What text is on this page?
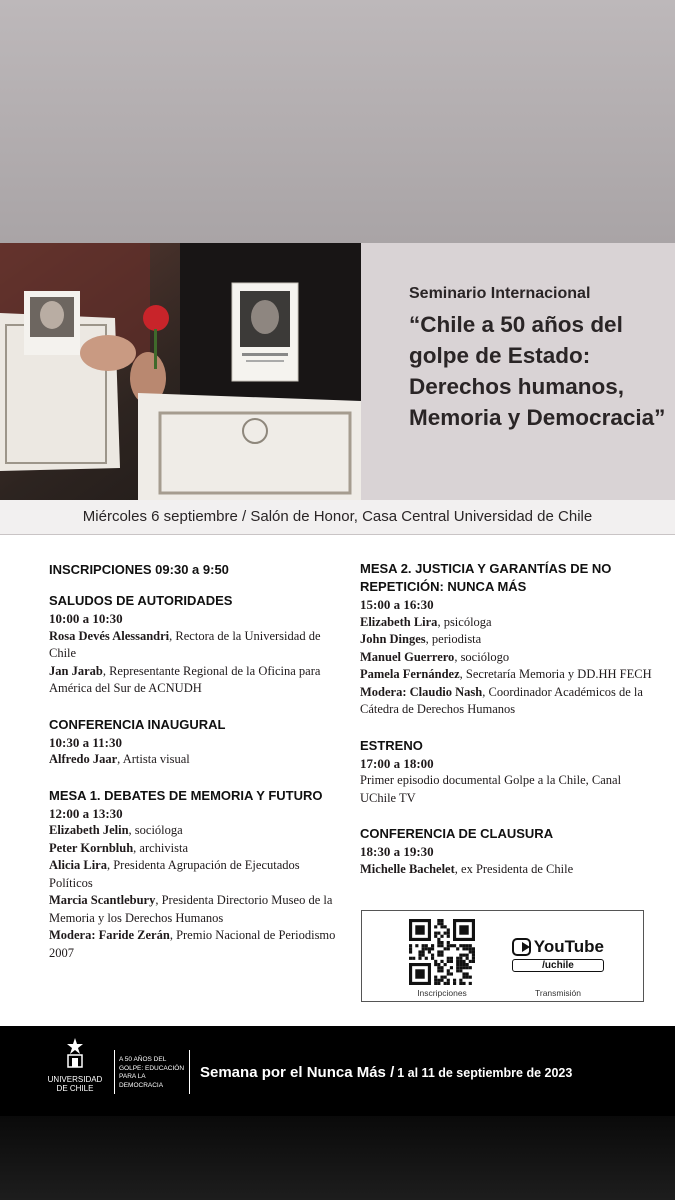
Seminario Internacional
“Chile a 50 años del golpe de Estado: Derechos humanos, Memoria y Democracia”
Miércoles 6 septiembre / Salón de Honor, Casa Central Universidad de Chile
INSCRIPCIONES 09:30 a 9:50
SALUDOS DE AUTORIDADES
10:00 a 10:30
Rosa Devés Alessandri, Rectora de la Universidad de Chile
Jan Jarab, Representante Regional de la Oficina para América del Sur de ACNUDH
CONFERENCIA INAUGURAL
10:30 a 11:30
Alfredo Jaar, Artista visual
MESA 1. DEBATES DE MEMORIA Y FUTURO
12:00 a 13:30
Elizabeth Jelin, socióloga
Peter Kornbluh, archivista
Alicia Lira, Presidenta Agrupación de Ejecutados Políticos
Marcia Scantlebury, Presidenta Directorio Museo de la Memoria y los Derechos Humanos
Modera: Faride Zerán, Premio Nacional de Periodismo 2007
MESA 2. JUSTICIA Y GARANTÍAS DE NO REPETICIÓN: NUNCA MÁS
15:00 a 16:30
Elizabeth Lira, psicóloga
John Dinges, periodista
Manuel Guerrero, sociólogo
Pamela Fernández, Secretaría Memoria y DD.HH FECH
Modera: Claudio Nash, Coordinador Académicos de la Cátedra de Derechos Humanos
ESTRENO
17:00 a 18:00
Primer episodio documental Golpe a la Chile, Canal UChile TV
CONFERENCIA DE CLAUSURA
18:30 a 19:30
Michelle Bachelet, ex Presidenta de Chile
Inscripciones
YouTube
/uchile
Transmisión
UNIVERSIDAD DE CHILE
A 50 AÑOS DEL GOLPE: EDUCACIÓN PARA LA DEMOCRACIA
Semana por el Nunca Más / 1 al 11 de septiembre de 2023
